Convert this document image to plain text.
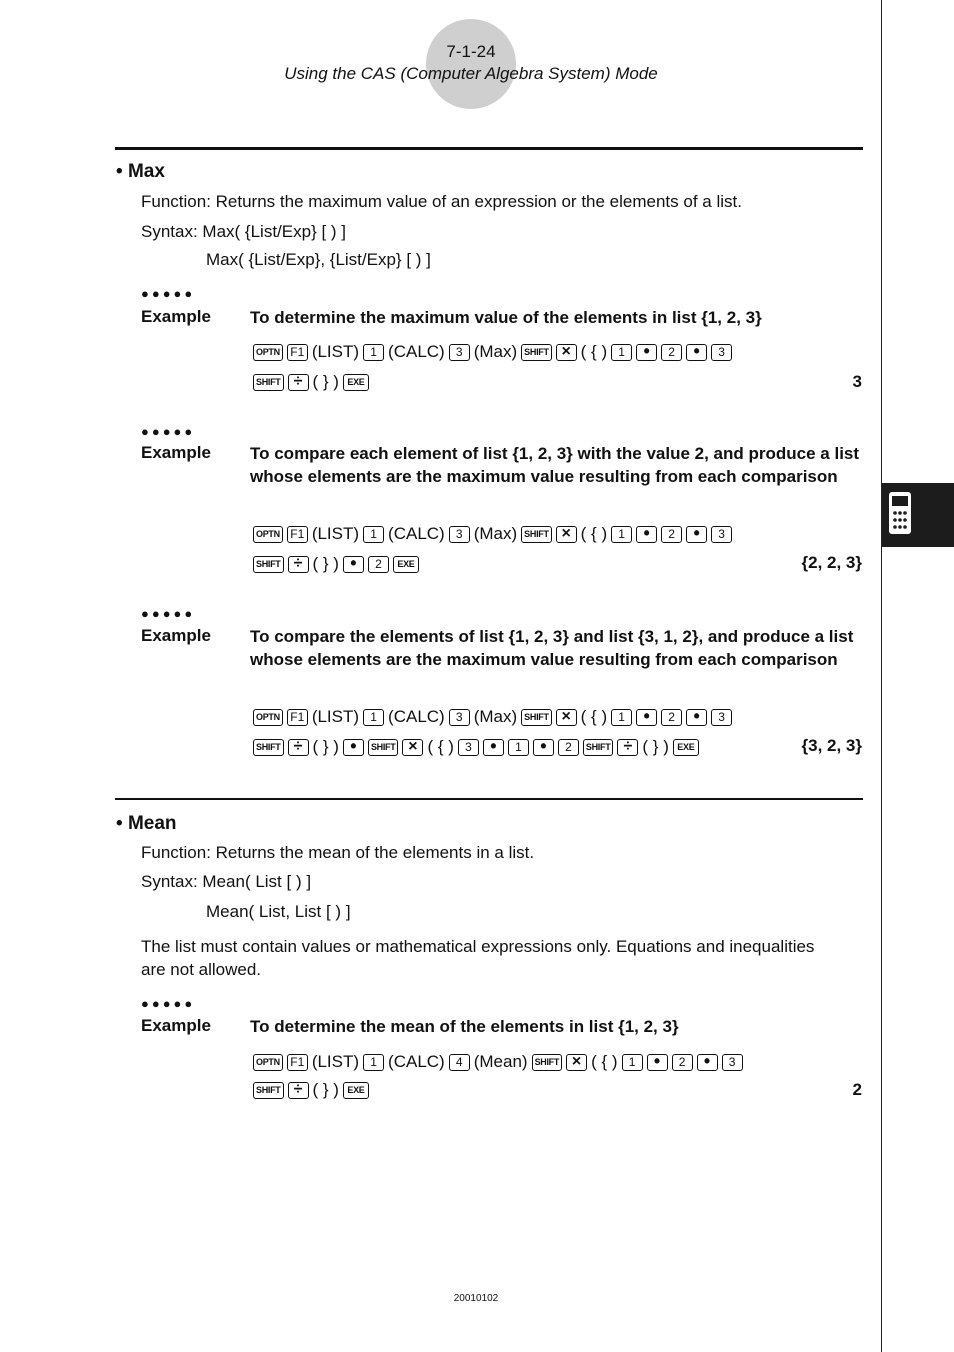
7-1-24
Using the CAS (Computer Algebra System) Mode
• Max
Function: Returns the maximum value of an expression or the elements of a list.
Syntax: Max( {List/Exp} [ ) ]
Max( {List/Exp}, {List/Exp} [ ) ]
●●●●●
Example To determine the maximum value of the elements in list {1, 2, 3}
OPTN F1 (LIST) 1 (CALC) 3 (Max) SHIFT × ( { ) 1	•	2	•	3
SHIFT ÷ ( } ) EXE	3
●●●●●
Example To compare each element of list {1, 2, 3} with the value 2, and produce a list whose elements are the maximum value resulting from each comparison
OPTN F1 (LIST) 1 (CALC) 3 (Max) SHIFT × ( { ) 1	•	2	•	3
SHIFT ÷ ( } ) •	2	EXE	{2, 2, 3}
●●●●●
Example To compare the elements of list {1, 2, 3} and list {3, 1, 2}, and produce a list whose elements are the maximum value resulting from each comparison
OPTN F1 (LIST) 1 (CALC) 3 (Max) SHIFT × ( { ) 1	•	2	•	3
SHIFT ÷ ( } ) •	SHIFT × ( { ) 3	•	1	•	2	SHIFT ÷ ( } ) EXE	{3, 2, 3}
• Mean
Function: Returns the mean of the elements in a list.
Syntax: Mean( List [ ) ]
Mean( List, List [ ) ]
The list must contain values or mathematical expressions only. Equations and inequalities
are not allowed.
●●●●●
Example To determine the mean of the elements in list {1, 2, 3}
OPTN F1 (LIST) 1 (CALC) 4 (Mean) SHIFT × ( { ) 1	•	2	•	3
SHIFT ÷ ( } ) EXE	2
20010102
